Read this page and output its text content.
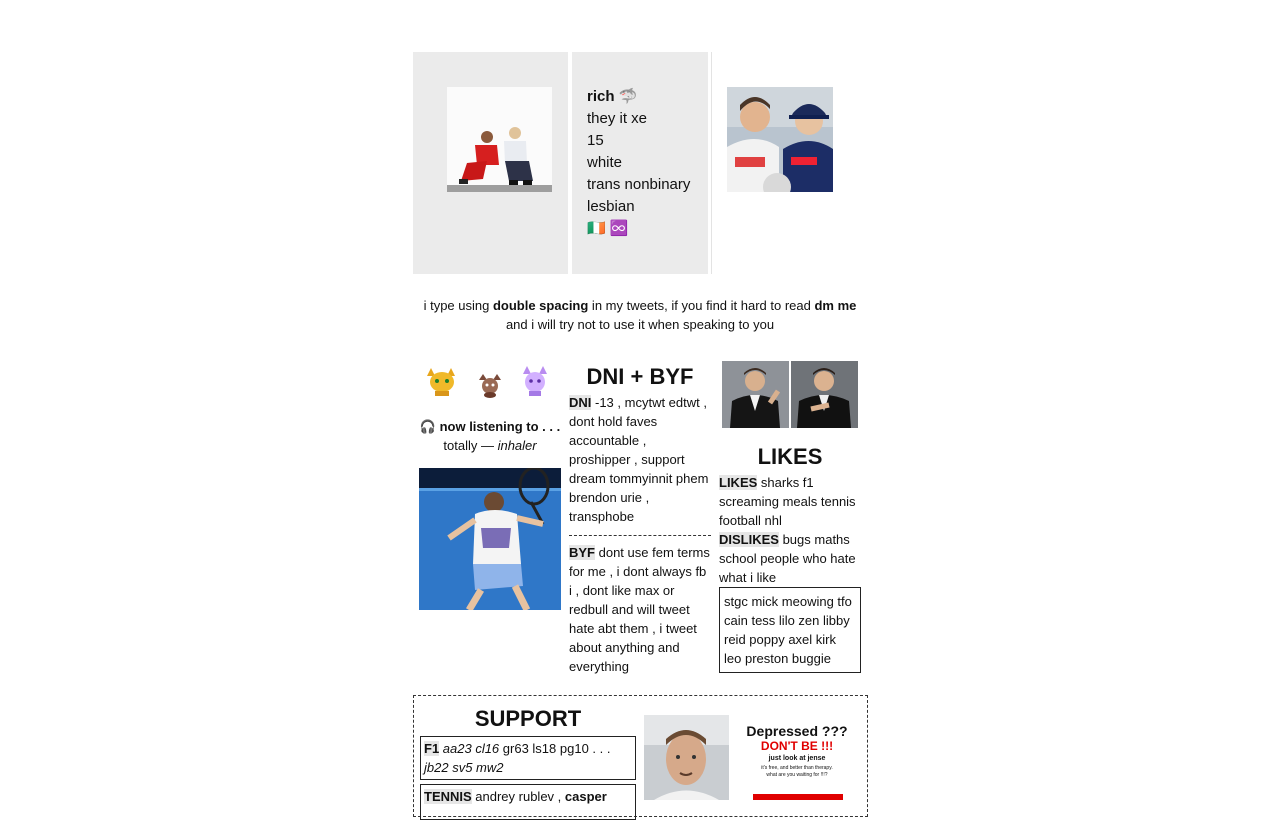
rich 🦈
they it xe
15
white
trans nonbinary
lesbian
🇮🇪 ♾️
i type using double spacing in my tweets, if you find it hard to read dm me
and i will try not to use it when speaking to you
🎧 now listening to . . .
totally — inhaler
DNI + BYF
DNI -13 , mcytwt edtwt , dont hold faves accountable , proshipper , support dream tommyinnit phem brendon urie , transphobe
BYF dont use fem terms for me , i dont always fb i , dont like max or redbull and will tweet hate abt them , i tweet about anything and everything
LIKES
LIKES sharks f1 screaming meals tennis football nhl
DISLIKES bugs maths school people who hate what i like
stgc mick meowing tfo cain tess lilo zen libby reid poppy axel kirk leo preston buggie
SUPPORT
F1 aa23 cl16 gr63 ls18 pg10 . . .
jb22 sv5 mw2
TENNIS andrey rublev , casper
Depressed ???
DON'T BE !!!
just look at jense
it's free, and better than therapy.
what are you waiting for !!!?
